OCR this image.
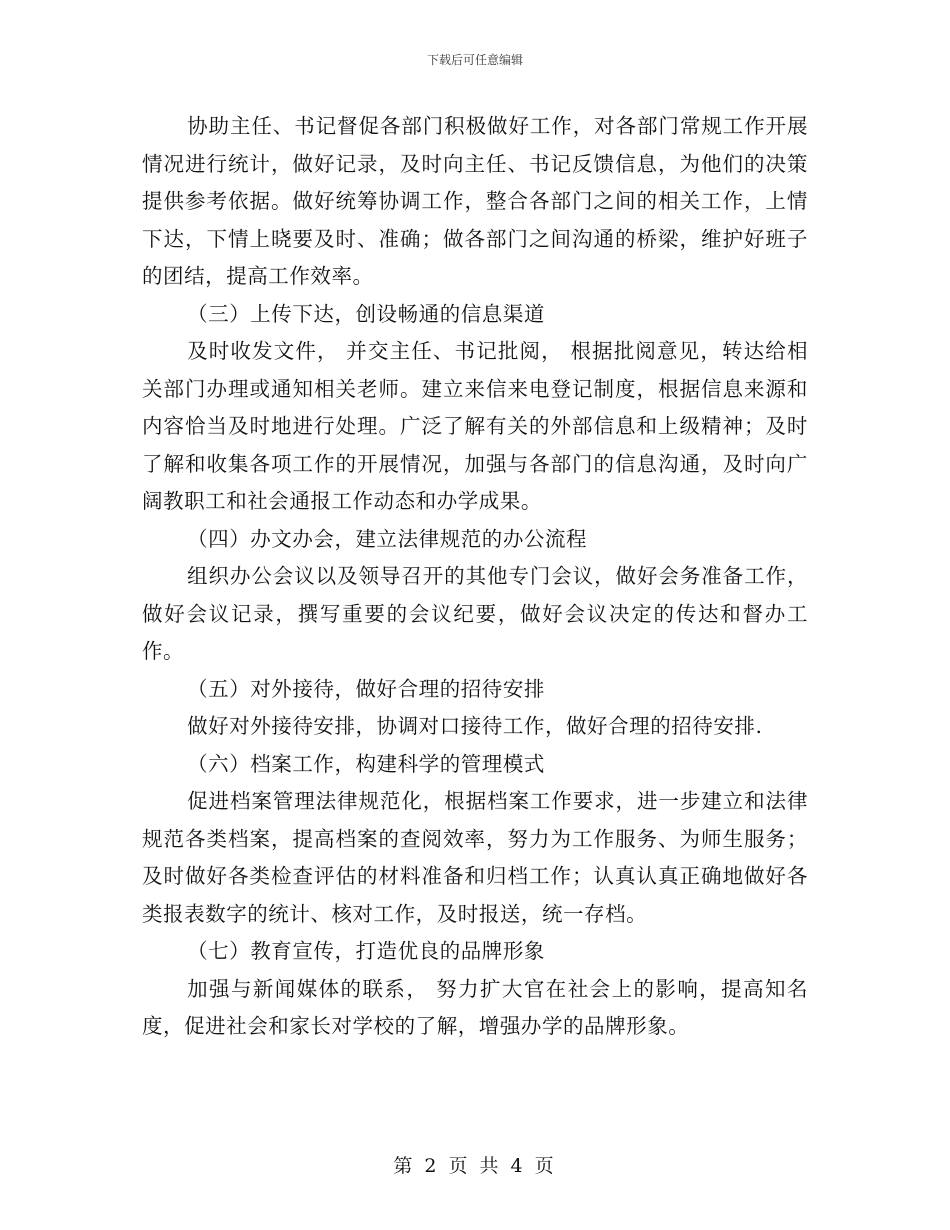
下载后可任意编辑

协助主任、书记督促各部门积极做好工作，对各部门常规工作开展情况进行统计，做好记录，及时向主任、书记反馈信息，为他们的决策提供参考依据。做好统筹协调工作，整合各部门之间的相关工作，上情下达，下情上晓要及时、准确；做各部门之间沟通的桥梁，维护好班子的团结，提高工作效率。

（三）上传下达，创设畅通的信息渠道

及时收发文件， 并交主任、书记批阅， 根据批阅意见，转达给相关部门办理或通知相关老师。建立来信来电登记制度，根据信息来源和内容恰当及时地进行处理。广泛了解有关的外部信息和上级精神；及时了解和收集各项工作的开展情况，加强与各部门的信息沟通，及时向广阔教职工和社会通报工作动态和办学成果。

（四）办文办会，建立法律规范的办公流程

组织办公会议以及领导召开的其他专门会议，做好会务准备工作，做好会议记录，撰写重要的会议纪要，做好会议决定的传达和督办工作。

（五）对外接待，做好合理的招待安排

做好对外接待安排，协调对口接待工作，做好合理的招待安排.

（六）档案工作，构建科学的管理模式

促进档案管理法律规范化，根据档案工作要求，进一步建立和法律规范各类档案，提高档案的查阅效率，努力为工作服务、为师生服务；及时做好各类检查评估的材料准备和归档工作；认真认真正确地做好各类报表数字的统计、核对工作，及时报送，统一存档。

（七）教育宣传，打造优良的品牌形象

加强与新闻媒体的联系， 努力扩大官在社会上的影响，提高知名度，促进社会和家长对学校的了解，增强办学的品牌形象。

第 2 页 共 4 页
